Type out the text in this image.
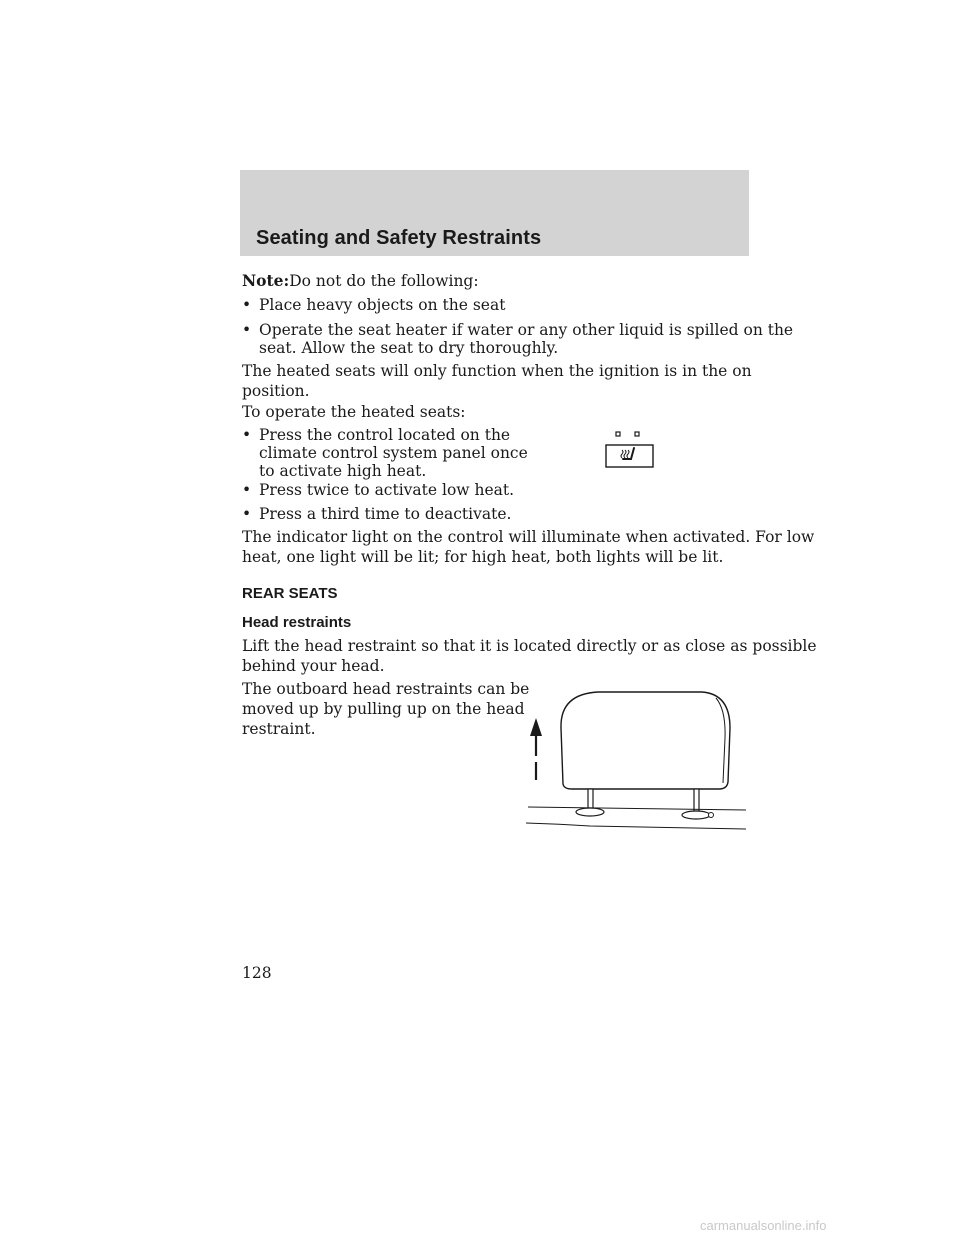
Seating and Safety Restraints

Note:Do not do the following:

• Place heavy objects on the seat
• Operate the seat heater if water or any other liquid is spilled on the
seat. Allow the seat to dry thoroughly.

The heated seats will only function when the ignition is in the on
position.

To operate the heated seats:

• Press the control located on the
climate control system panel once
to activate high heat.
• Press twice to activate low heat.
• Press a third time to deactivate.

The indicator light on the control will illuminate when activated. For low
heat, one light will be lit; for high heat, both lights will be lit.

REAR SEATS
Head restraints

Lift the head restraint so that it is located directly or as close as possible
behind your head.

The outboard head restraints can be
moved up by pulling up on the head
restraint.

128

carmanualsonline.info
